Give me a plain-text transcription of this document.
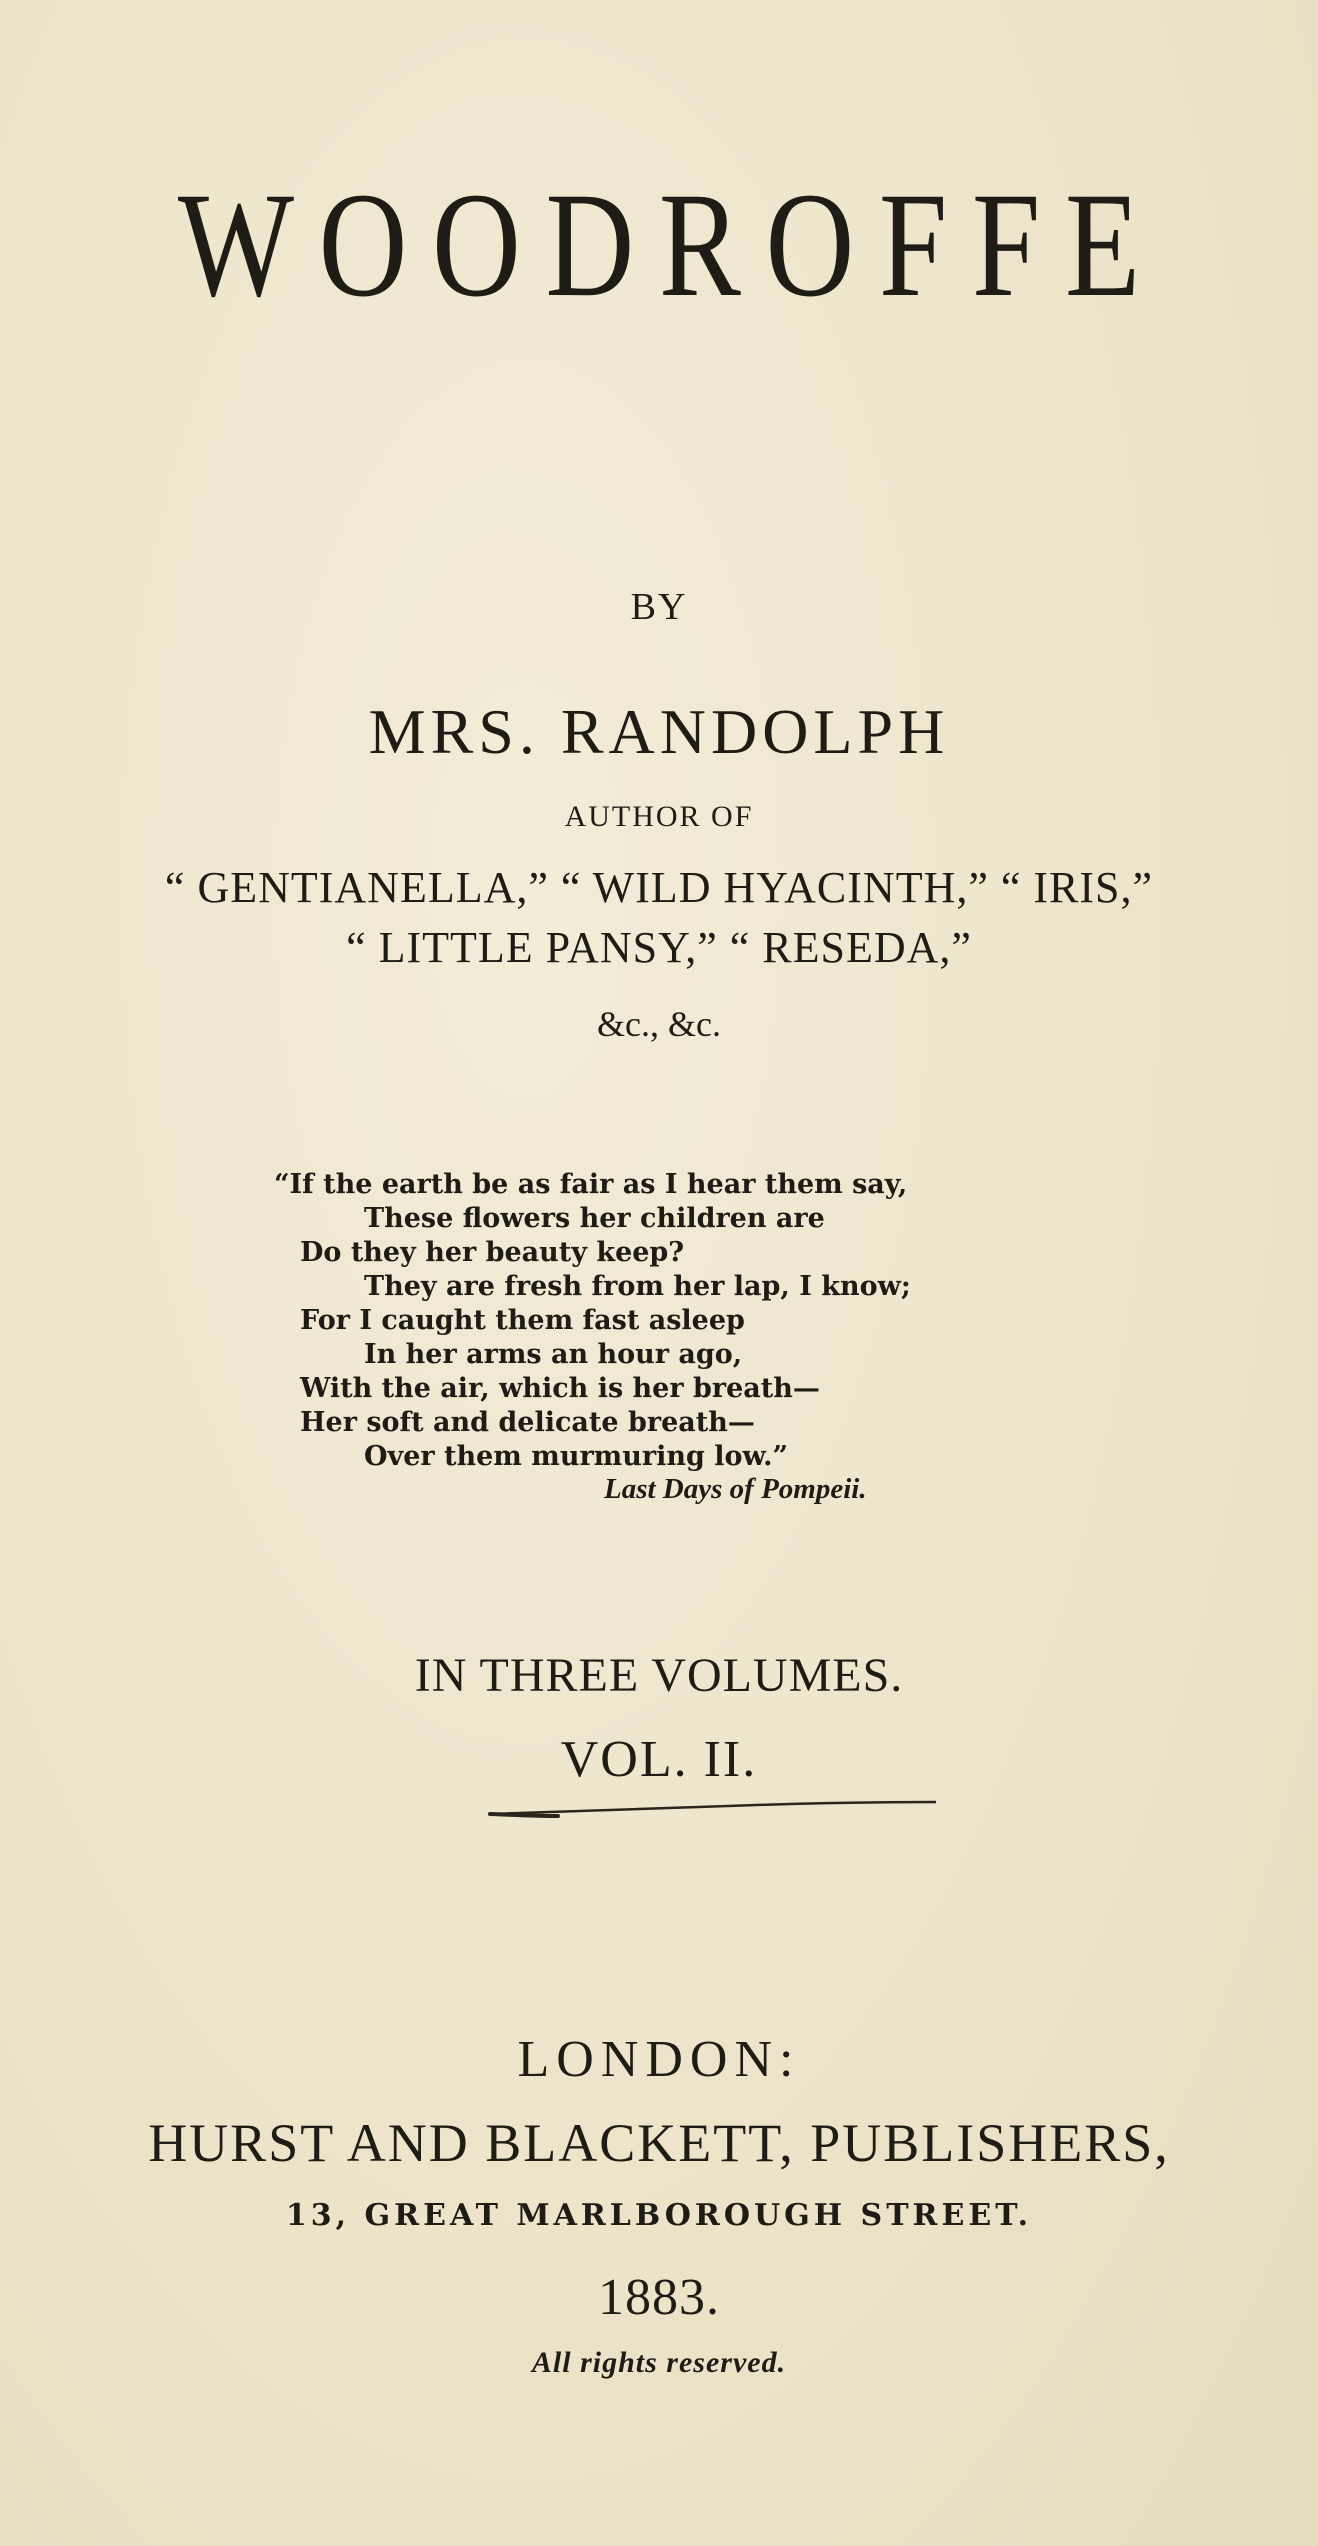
WOODROFFE
BY
MRS. RANDOLPH
AUTHOR OF
“ GENTIANELLA,” “ WILD HYACINTH,” “ IRIS,”
“ LITTLE PANSY,” “ RESEDA,”
&c., &c.
“If the earth be as fair as I hear them say,
These flowers her children are
Do they her beauty keep?
They are fresh from her lap, I know;
For I caught them fast asleep
In her arms an hour ago,
With the air, which is her breath—
Her soft and delicate breath—
Over them murmuring low.”
Last Days of Pompeii.
IN THREE VOLUMES.
VOL. II.
LONDON:
HURST AND BLACKETT, PUBLISHERS,
13, GREAT MARLBOROUGH STREET.
1883.
All rights reserved.
